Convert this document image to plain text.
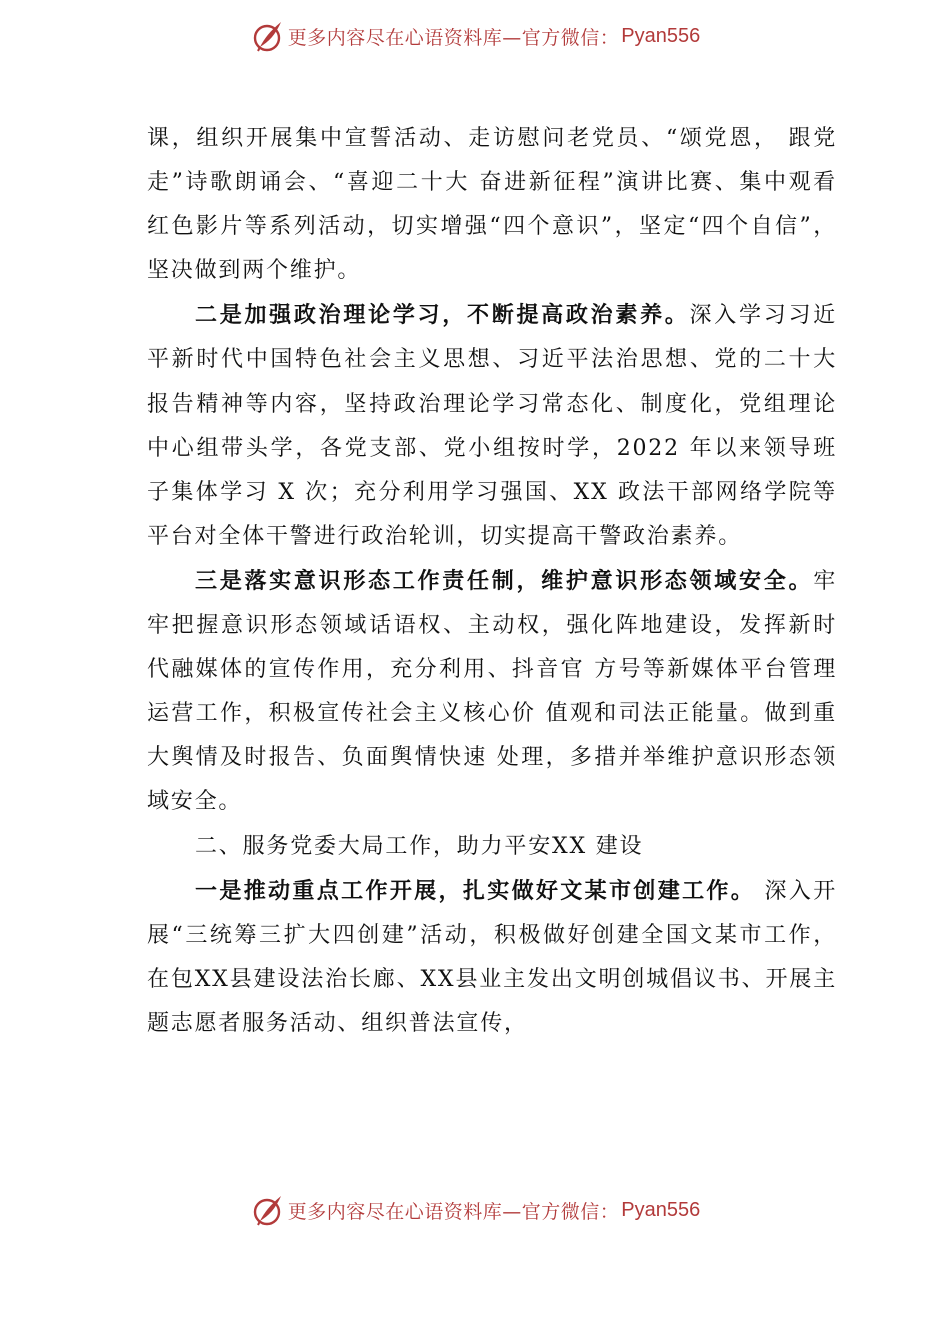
更多内容尽在心语资料库—官方微信： Pyan556

课，组织开展集中宣誓活动、走访慰问老党员、“颂党恩， 跟党走”诗歌朗诵会、“喜迎二十大 奋进新征程”演讲比赛、集中观看红色影片等系列活动，切实增强“四个意识”，坚定“四个自信”，坚决做到两个维护。

二是加强政治理论学习，不断提高政治素养。深入学习习近平新时代中国特色社会主义思想、习近平法治思想、党的二十大报告精神等内容，坚持政治理论学习常态化、制度化，党组理论中心组带头学，各党支部、党小组按时学，2022 年以来领导班子集体学习 X 次；充分利用学习强国、XX 政法干部网络学院等平台对全体干警进行政治轮训，切实提高干警政治素养。

三是落实意识形态工作责任制，维护意识形态领域安全。牢牢把握意识形态领域话语权、主动权，强化阵地建设，发挥新时代融媒体的宣传作用，充分利用、抖音官 方号等新媒体平台管理运营工作，积极宣传社会主义核心价 值观和司法正能量。做到重大舆情及时报告、负面舆情快速 处理，多措并举维护意识形态领域安全。

二、服务党委大局工作，助力平安XX 建设

一是推动重点工作开展，扎实做好文某市创建工作。 深入开展“三统筹三扩大四创建”活动，积极做好创建全国文某市工作，在包XX县建设法治长廊、XX县业主发出文明创城倡议书、开展主题志愿者服务活动、组织普法宣传，

更多内容尽在心语资料库—官方微信： Pyan556
